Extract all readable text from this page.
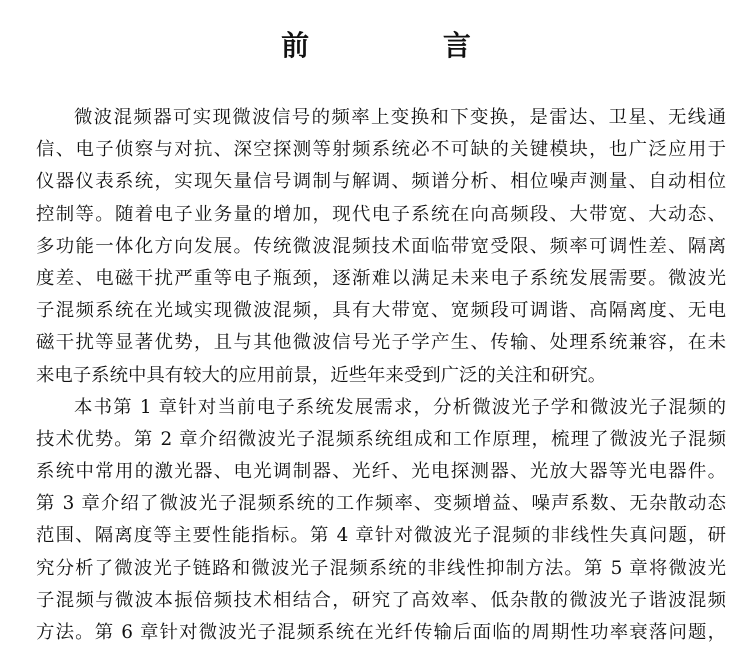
前 言
微波混频器可实现微波信号的频率上变换和下变换，是雷达、卫星、无线通
信、电子侦察与对抗、深空探测等射频系统必不可缺的关键模块，也广泛应用于
仪器仪表系统，实现矢量信号调制与解调、频谱分析、相位噪声测量、自动相位
控制等。随着电子业务量的增加，现代电子系统在向高频段、大带宽、大动态、
多功能一体化方向发展。传统微波混频技术面临带宽受限、频率可调性差、隔离
度差、电磁干扰严重等电子瓶颈，逐渐难以满足未来电子系统发展需要。微波光
子混频系统在光域实现微波混频，具有大带宽、宽频段可调谐、高隔离度、无电
磁干扰等显著优势，且与其他微波信号光子学产生、传输、处理系统兼容，在未
来电子系统中具有较大的应用前景，近些年来受到广泛的关注和研究。
本书第 1 章针对当前电子系统发展需求，分析微波光子学和微波光子混频的
技术优势。第 2 章介绍微波光子混频系统组成和工作原理，梳理了微波光子混频
系统中常用的激光器、电光调制器、光纤、光电探测器、光放大器等光电器件。
第 3 章介绍了微波光子混频系统的工作频率、变频增益、噪声系数、无杂散动态
范围、隔离度等主要性能指标。第 4 章针对微波光子混频的非线性失真问题，研
究分析了微波光子链路和微波光子混频系统的非线性抑制方法。第 5 章将微波光
子混频与微波本振倍频技术相结合，研究了高效率、低杂散的微波光子谐波混频
方法。第 6 章针对微波光子混频系统在光纤传输后面临的周期性功率衰落问题，
